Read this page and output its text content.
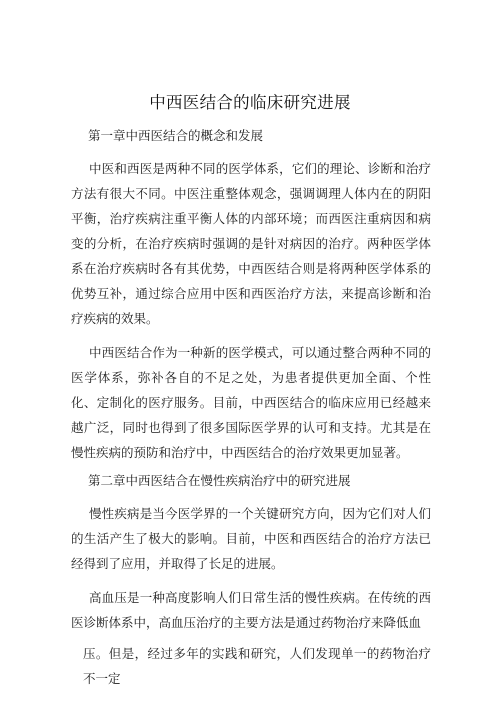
中西医结合的临床研究进展
第一章中西医结合的概念和发展

中医和西医是两种不同的医学体系，它们的理论、诊断和治疗方法有很大不同。中医注重整体观念，强调调理人体内在的阴阳平衡，治疗疾病注重平衡人体的内部环境；而西医注重病因和病变的分析，在治疗疾病时强调的是针对病因的治疗。两种医学体系在治疗疾病时各有其优势，中西医结合则是将两种医学体系的优势互补，通过综合应用中医和西医治疗方法，来提高诊断和治疗疾病的效果。

中西医结合作为一种新的医学模式，可以通过整合两种不同的医学体系，弥补各自的不足之处，为患者提供更加全面、个性化、定制化的医疗服务。目前，中西医结合的临床应用已经越来越广泛，同时也得到了很多国际医学界的认可和支持。尤其是在慢性疾病的预防和治疗中，中西医结合的治疗效果更加显著。

第二章中西医结合在慢性疾病治疗中的研究进展

慢性疾病是当今医学界的一个关键研究方向，因为它们对人们的生活产生了极大的影响。目前，中医和西医结合的治疗方法已经得到了应用，并取得了长足的进展。

高血压是一种高度影响人们日常生活的慢性疾病。在传统的西医诊断体系中，高血压治疗的主要方法是通过药物治疗来降低血

压。但是，经过多年的实践和研究，人们发现单一的药物治疗不一定
